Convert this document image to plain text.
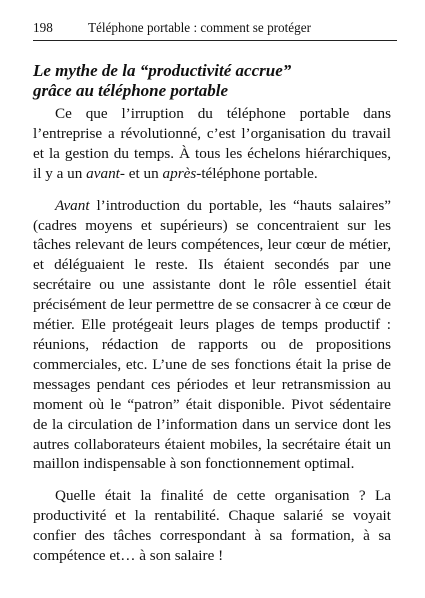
198	Téléphone portable : comment se protéger
Le mythe de la “productivité accrue”
grâce au téléphone portable

Ce que l’irruption du téléphone portable dans l’entreprise a révolutionné, c’est l’organisation du travail et la gestion du temps. À tous les échelons hiérarchiques, il y a un avant- et un après-téléphone portable.

Avant l’introduction du portable, les “hauts salaires” (cadres moyens et supérieurs) se concentraient sur les tâches relevant de leurs compétences, leur cœur de métier, et déléguaient le reste. Ils étaient secondés par une secrétaire ou une assistante dont le rôle essentiel était précisément de leur permettre de se consacrer à ce cœur de métier. Elle protégeait leurs plages de temps productif : réunions, rédaction de rapports ou de propositions commerciales, etc. L’une de ses fonctions était la prise de messages pendant ces périodes et leur retransmission au moment où le “patron” était disponible. Pivot sédentaire de la circulation de l’information dans un service dont les autres collaborateurs étaient mobiles, la secrétaire était un maillon indispensable à son fonctionnement optimal.

Quelle était la finalité de cette organisation ? La productivité et la rentabilité. Chaque salarié se voyait confier des tâches correspondant à sa formation, à sa compétence et… à son salaire !
